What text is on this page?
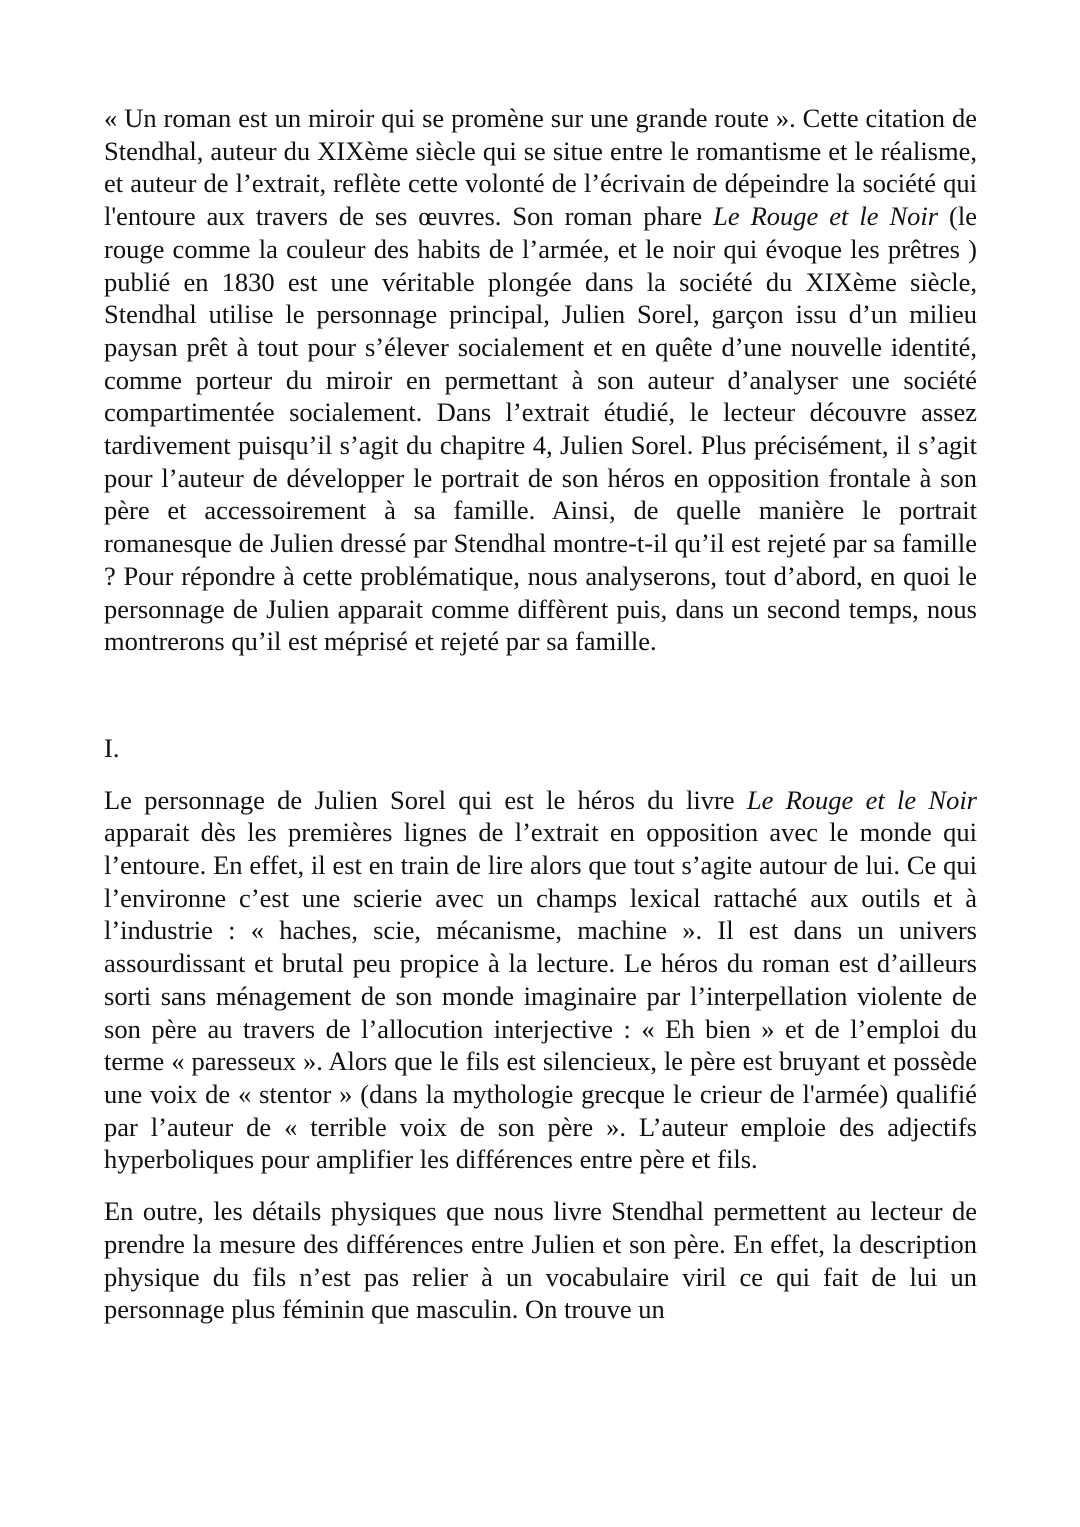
« Un roman est un miroir qui se promène sur une grande route ». Cette citation de Stendhal, auteur du XIXème siècle qui se situe entre le romantisme et le réalisme, et auteur de l’extrait, reflète cette volonté de l’écrivain de dépeindre la société qui l'entoure aux travers de ses œuvres. Son roman phare Le Rouge et le Noir (le rouge comme la couleur des habits de l’armée, et le noir qui évoque les prêtres ) publié en 1830 est une véritable plongée dans la société du XIXème siècle, Stendhal utilise le personnage principal, Julien Sorel, garçon issu d’un milieu paysan prêt à tout pour s’élever socialement et en quête d’une nouvelle identité, comme porteur du miroir en permettant à son auteur d’analyser une société compartimentée socialement. Dans l’extrait étudié, le lecteur découvre assez tardivement puisqu’il s’agit du chapitre 4, Julien Sorel. Plus précisément, il s’agit pour l’auteur de développer le portrait de son héros en opposition frontale à son père et accessoirement à sa famille. Ainsi, de quelle manière le portrait romanesque de Julien dressé par Stendhal montre-t-il qu’il est rejeté par sa famille ? Pour répondre à cette problématique, nous analyserons, tout d’abord, en quoi le personnage de Julien apparait comme diffèrent puis, dans un second temps, nous montrerons qu’il est méprisé et rejeté par sa famille.

I.

Le personnage de Julien Sorel qui est le héros du livre Le Rouge et le Noir apparait dès les premières lignes de l’extrait en opposition avec le monde qui l’entoure. En effet, il est en train de lire alors que tout s’agite autour de lui. Ce qui l’environne c’est une scierie avec un champs lexical rattaché aux outils et à l’industrie : « haches, scie, mécanisme, machine ». Il est dans un univers assourdissant et brutal peu propice à la lecture. Le héros du roman est d’ailleurs sorti sans ménagement de son monde imaginaire par l’interpellation violente de son père au travers de l’allocution interjective : « Eh bien » et de l’emploi du terme « paresseux ». Alors que le fils est silencieux, le père est bruyant et possède une voix de « stentor » (dans la mythologie grecque le crieur de l'armée) qualifié par l’auteur de « terrible voix de son père ». L’auteur emploie des adjectifs hyperboliques pour amplifier les différences entre père et fils.

En outre, les détails physiques que nous livre Stendhal permettent au lecteur de prendre la mesure des différences entre Julien et son père. En effet, la description physique du fils n’est pas relier à un vocabulaire viril ce qui fait de lui un personnage plus féminin que masculin. On trouve un
